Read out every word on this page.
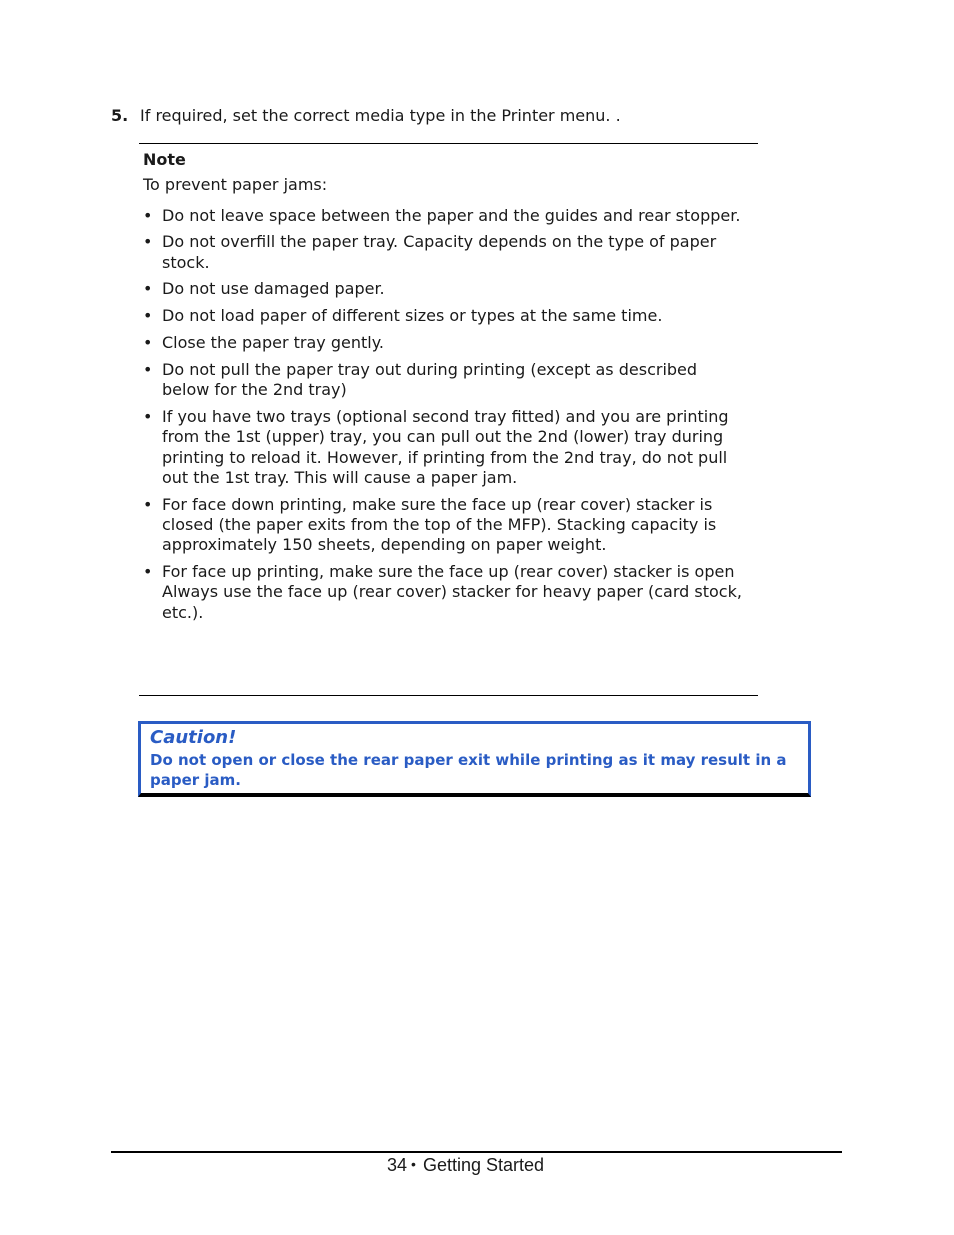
5. If required, set the correct media type in the Printer menu. .
Note
To prevent paper jams:
• Do not leave space between the paper and the guides and rear stopper.
• Do not overfill the paper tray. Capacity depends on the type of paper stock.
• Do not use damaged paper.
• Do not load paper of different sizes or types at the same time.
• Close the paper tray gently.
• Do not pull the paper tray out during printing (except as described below for the 2nd tray)
• If you have two trays (optional second tray fitted) and you are printing from the 1st (upper) tray, you can pull out the 2nd (lower) tray during printing to reload it. However, if printing from the 2nd tray, do not pull out the 1st tray. This will cause a paper jam.
• For face down printing, make sure the face up (rear cover) stacker is closed (the paper exits from the top of the MFP). Stacking capacity is approximately 150 sheets, depending on paper weight.
• For face up printing, make sure the face up (rear cover) stacker is open Always use the face up (rear cover) stacker for heavy paper (card stock, etc.).
Caution!
Do not open or close the rear paper exit while printing as it may result in a paper jam.
34 • Getting Started
